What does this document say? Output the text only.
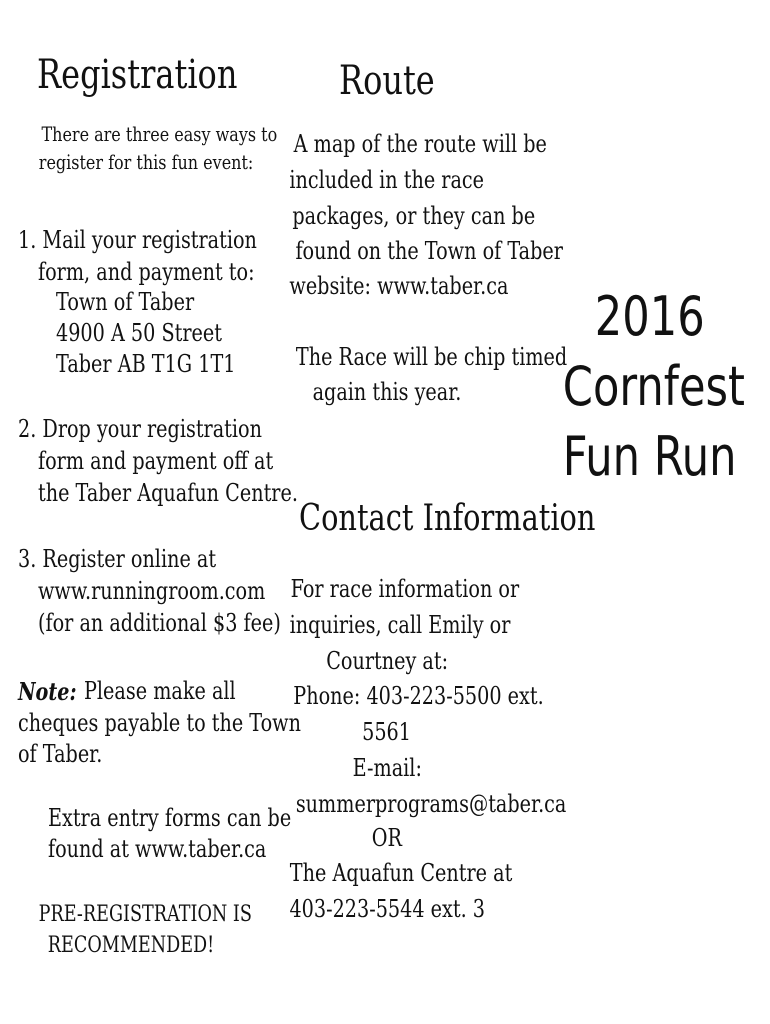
Registration
There are three easy ways to
register for this fun event:
1. Mail your registration
form, and payment to:
Town of Taber
4900 A 50 Street
Taber AB T1G 1T1
2. Drop your registration
form and payment off at
the Taber Aquafun Centre.
3. Register online at
www.runningroom.com
(for an additional $3 fee)
Note: Please make all
cheques payable to the Town
of Taber.
Extra entry forms can be
found at www.taber.ca
PRE-REGISTRATION IS
RECOMMENDED!
Route
A map of the route will be
included in the race
packages, or they can be
found on the Town of Taber
website: www.taber.ca
The Race will be chip timed
again this year.
Contact Information
For race information or
inquiries, call Emily or
Courtney at:
Phone: 403-223-5500 ext.
5561
E-mail:
summerprograms@taber.ca
OR
The Aquafun Centre at
403-223-5544 ext. 3
2016
Cornfest
Fun Run
